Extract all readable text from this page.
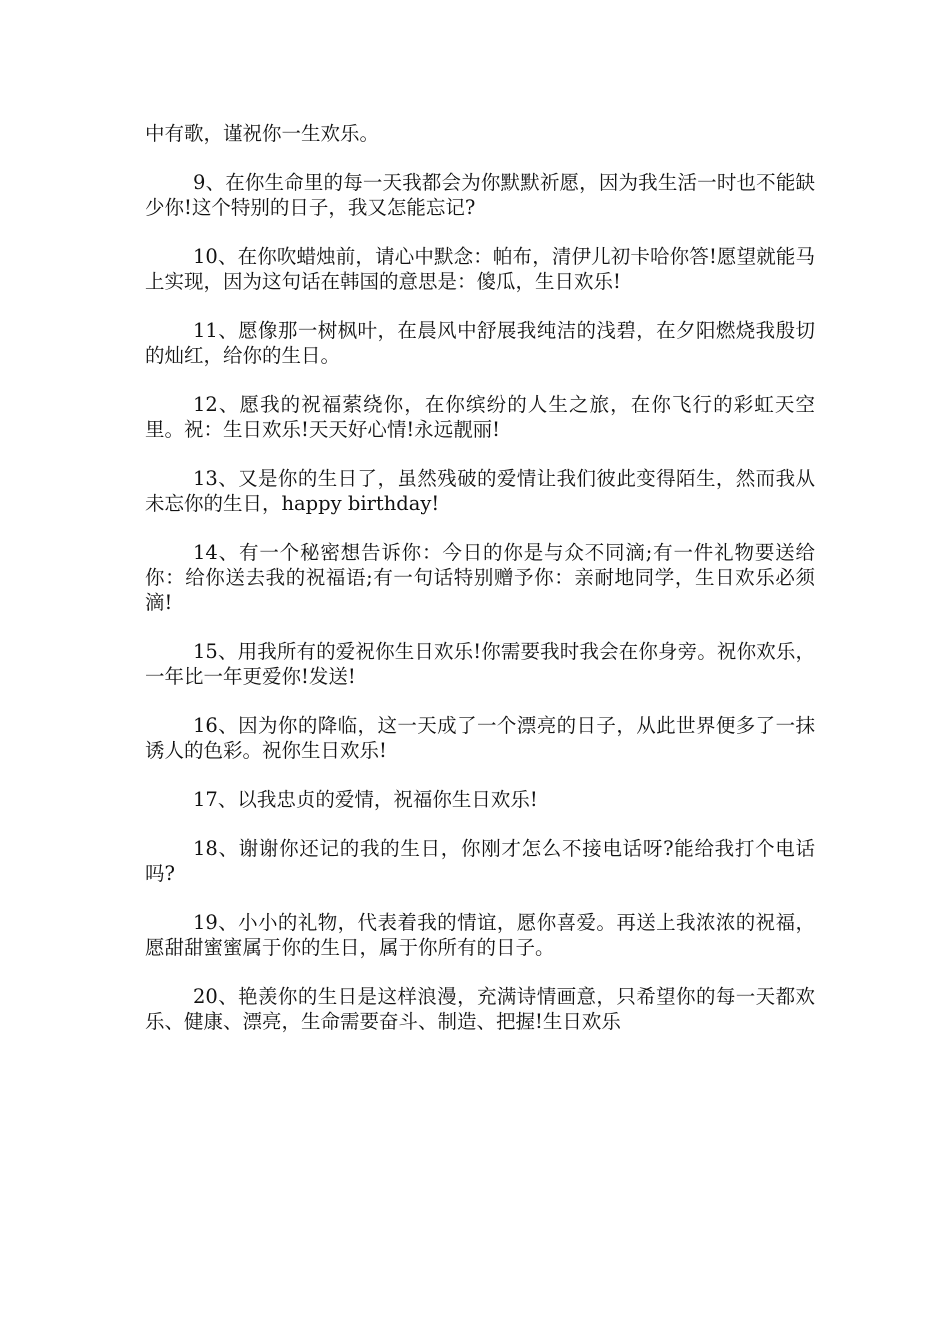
中有歌，谨祝你一生欢乐。

9、在你生命里的每一天我都会为你默默祈愿，因为我生活一时也不能缺少你!这个特别的日子，我又怎能忘记?

10、在你吹蜡烛前，请心中默念：帕布，清伊儿初卡哈你答!愿望就能马上实现，因为这句话在韩国的意思是：傻瓜，生日欢乐!

11、愿像那一树枫叶，在晨风中舒展我纯洁的浅碧，在夕阳燃烧我殷切的灿红，给你的生日。

12、愿我的祝福萦绕你，在你缤纷的人生之旅，在你飞行的彩虹天空里。祝：生日欢乐!天天好心情!永远靓丽!

13、又是你的生日了，虽然残破的爱情让我们彼此变得陌生，然而我从未忘你的生日，happy birthday!

14、有一个秘密想告诉你：今日的你是与众不同滴;有一件礼物要送给你：给你送去我的祝福语;有一句话特别赠予你：亲耐地同学，生日欢乐必须滴!

15、用我所有的爱祝你生日欢乐!你需要我时我会在你身旁。祝你欢乐，一年比一年更爱你!发送!

16、因为你的降临，这一天成了一个漂亮的日子，从此世界便多了一抹诱人的色彩。祝你生日欢乐!

17、以我忠贞的爱情，祝福你生日欢乐!

18、谢谢你还记的我的生日，你刚才怎么不接电话呀?能给我打个电话吗?

19、小小的礼物，代表着我的情谊，愿你喜爱。再送上我浓浓的祝福，愿甜甜蜜蜜属于你的生日，属于你所有的日子。

20、艳羡你的生日是这样浪漫，充满诗情画意，只希望你的每一天都欢乐、健康、漂亮，生命需要奋斗、制造、把握!生日欢乐
